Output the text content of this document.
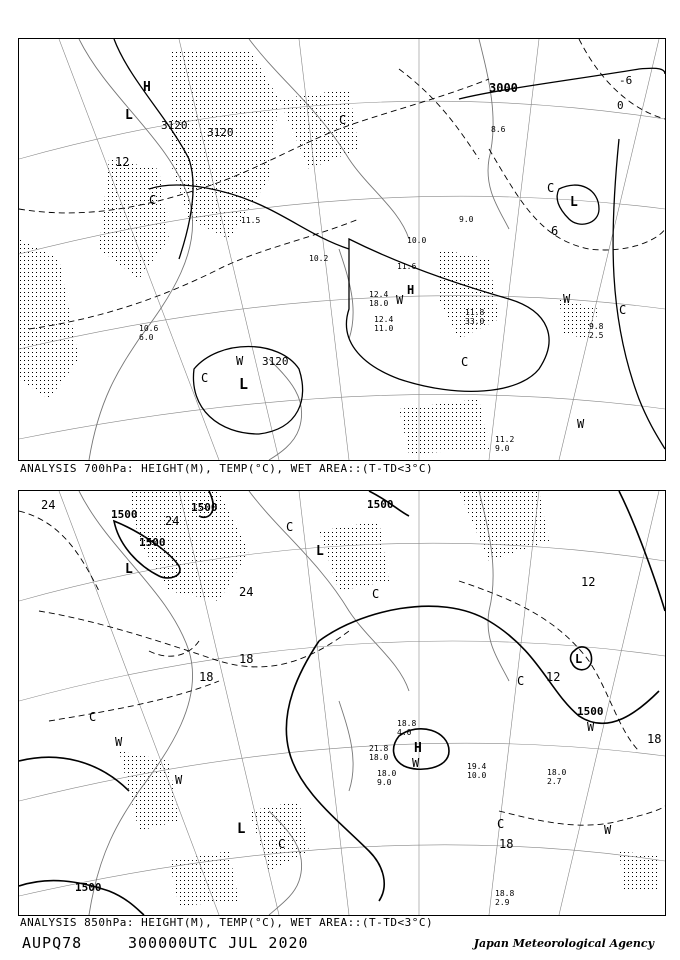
3000
3120
3120
3120
H
H
L
L
L
12
6
-6
0
C
C
C
C
C
W
W	W
W
C
11.8
33.0
9.8
2.5
11.2
9.0
12.4
18.0
12.4
11.0
10.2
11.6
9.0
10.0
11.5
8.6
10.6
6.0
ANALYSIS 700hPa: HEIGHT(M), TEMP(°C), WET AREA::(T-TD<3°C)
1500
1500
1500
1500
1500
1500
H
L
L
L
L
24
24
24
18
18
18
12
18
12
C
C
C
C
W
W
W
W
C
C
W
19.4
10.0	18.0
2.7
18.8
2.9
21.8
18.0
18.8
4.0
18.0
9.0
ANALYSIS 850hPa: HEIGHT(M), TEMP(°C), WET AREA::(T-TD<3°C)
AUPQ78	300000UTC JUL 2020	Japan Meteorological Agency
